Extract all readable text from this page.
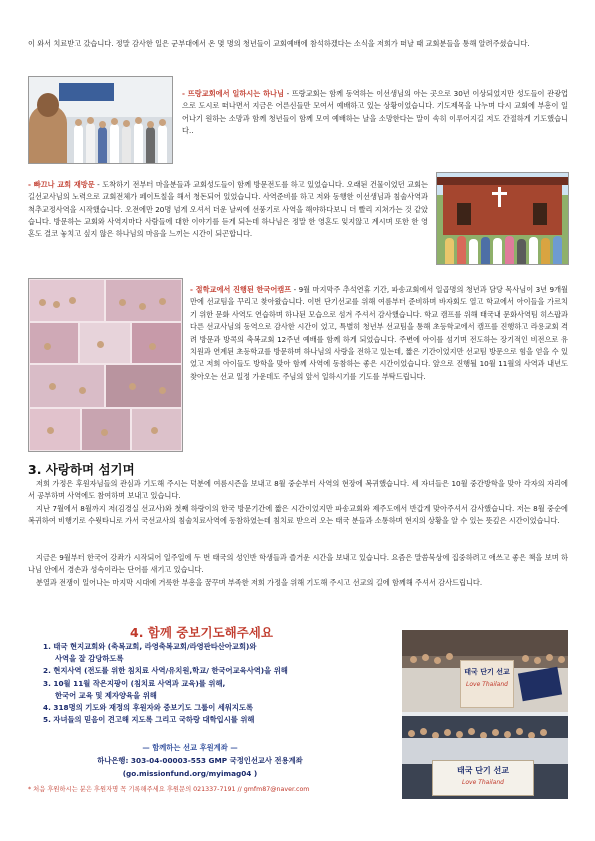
이 와서 치료받고 갔습니다. 정말 감사한 일은 군부대에서 온 몇 명의 청년들이 교회예배에 참석하겠다는 소식을 저희가 떠날 때 교회분들을 통해 알려주셨습니다.

- 뜨랑교회에서 일하시는 하나님 - 뜨랑교회는 함께 동역하는 이선생님의 아는 곳으로 30년 이상되었지만 성도들이 관광업으로 도시로 떠나면서 지금은 어른신들만 모여서 예배하고 있는 상황이었습니다. 기도제목을 나누며 다시 교회에 부흥이 일어나기 원하는 소망과 함께 청년들이 함께 모여 예배하는 날을 소망한다는 말이 속히 이루어지길 저도 간절하게 기도했습니다..

- 빠끄나 교회 재방문 - 도착하기 전부터 마을분들과 교회성도들이 함께 방문전도를 하고 있었습니다. 오래된 건물이었던 교회는 길선교사님의 노력으로 교회전체가 페이트칠을 해서 청돈되어 있었습니다. 사역준비를 하고 저와 동행한 이선생님과 침술사역과 척추교정사역을 시작했습니다. 오전에만 20명 넘게 오셔서 더운 날씨에 선풍기로 사역을 해야하다보니 더 빨리 지쳐가는 것 같았습니다. 방문하는 교회와 사역지마다 사람들에 대한 이야기를 듣게 되는데 하나님은 정말 한 영혼도 잊지않고 계시며 또한 한 영혼도 결코 놓치고 싶지 않은 하나님의 마음을 느끼는 시간이 되곤합니다.

- 절학교에서 진행된 한국어캠프 - 9월 마지막주 추석연휴 기간, 파송교회에서 일곱명의 청년과 담당 목사님이 3년 9개월 만에 선교팀을 꾸리고 찾아왔습니다. 이번 단기선교를 위해 여름부터 준비하며 바자회도 열고 학교에서 아이들을 가르치기 위한 문화 사역도 연습하며 하나된 모습으로 섬겨 주셔서 감사했습니다. 학교 캠프를 위해 태국내 문화사역팀 히스팝과 다른 선교사님의 동역으로 감사한 시간이 었고, 특별히 청년부 선교팀을 통해 초등학교에서 캠프를 진행하고 라용교회 격려 방문과 방콕의 축복교회 12주년 예배를 함께 하게 되었습니다. 주변에 아이를 섬기며 전도하는 장기적인 비전으로 유치원과 연계된 초등학교를 방문하며 하나님의 사랑을 전하고 있는데, 짧은 기간이었지만 선교팀 방문으로 힘을 얻을 수 있었고 저희 아이들도 방학을 맞아 함께 사역에 동참하는 좋은 시간이었습니다. 앞으로 진행될 10월 11월의 사역과 내년도 찾아오는 선교 일정 가운데도 주님의 앞서 일하시기를 기도를 부탁드립니다.

3. 사랑하며 섬기며

저희 가정은 후원자님들의 관심과 기도해 주시는 덕분에 여름시즌을 보내고 8월 중순부터 사역의 현장에 복귀했습니다. 세 자녀들은 10월 중간방학을 맞아 각자의 자리에서 공부하며 사역에도 참여하며 보내고 있습니다.

지난 7월에서 8월까지 저(김경실 선교사)와 첫째 하랑이의 한국 방문기간에 짧은 시간이었지만 파송교회와 제주도에서 반갑게 맞아주셔서 감사했습니다. 저는 8월 중순에 복귀하여 비행기로 수웟타니로 가서 국선교사의 침술치료사역에 동참하였는데 침치료 받으러 오는 태국 분들과 소통하며 현지의 상황을 알 수 있는 뜻깊은 시간이었습니다.

지금은 9월부터 한국어 강좌가 시작되어 일주일에 두 번 태국의 성인반 학생들과 즐거운 시간을 보내고 있습니다. 요즘은 말씀묵상에 집중하려고 애쓰고 좋은 책을 보며 하나님 안에서 경손과 성숙이라는 단어를 새기고 있습니다.

분열과 전쟁이 일어나는 마지막 시대에 거룩한 부흥을 꿈꾸며 부족한 저희 가정을 위해 기도해 주시고 선교의 길에 함께해 주셔서 감사드립니다.

4. 함께 중보기도해주세요
1. 태국 현지교회와 (축복교회, 라영축복교회/라영판타산아교회)와
사역을 잘 감당하도록
2. 현지사역 (전도를 위한 침치료 사역/유치원,학교/ 한국어교육사역)을 위해
3. 10월 11월 작은지팡이 (침치료 사역과 교육)를 위해,
한국어 교육 및 제자양육을 위해
4. 318명의 기도와 재정의 후원자와 중보기도 그룹이 세워지도록
5. 자녀들의 믿음이 견고해 지도록 그리고 국하랑 대학입시를 위해
— 함께하는 선교 후원계좌 —
하나은행: 303-04-00003-553 GMP 국정인선교사 전용계좌
(go.missionfund.org/myimag04 )
* 처음 후원하시는 분은 후원자명 꼭 기록해주세요 후원문의 021337-7191 // gmfm87@naver.com
태국 단기 선교
Love Thailand
태국 단기 선교
Love Thailand
